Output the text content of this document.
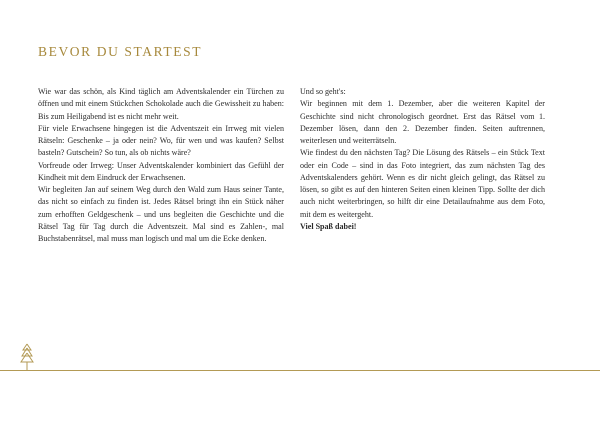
BEVOR DU STARTEST

Wie war das schön, als Kind täglich am Adventskalender ein Türchen zu öffnen und mit einem Stückchen Schokolade auch die Gewissheit zu haben: Bis zum Heiligabend ist es nicht mehr weit.

Für viele Erwachsene hingegen ist die Adventszeit ein Irrweg mit vielen Rätseln: Geschenke – ja oder nein? Wo, für wen und was kaufen? Selbst basteln? Gutschein? So tun, als ob nichts wäre?

Vorfreude oder Irrweg: Unser Adventskalender kombiniert das Gefühl der Kindheit mit dem Eindruck der Erwachsenen.

Wir begleiten Jan auf seinem Weg durch den Wald zum Haus seiner Tante, das nicht so einfach zu finden ist. Jedes Rätsel bringt ihn ein Stück näher zum erhofften Geldgeschenk – und uns begleiten die Geschichte und die Rätsel Tag für Tag durch die Adventszeit. Mal sind es Zahlen-, mal Buchstabenrätsel, mal muss man logisch und mal um die Ecke denken.

Und so geht's:

Wir beginnen mit dem 1. Dezember, aber die weiteren Kapitel der Geschichte sind nicht chronologisch geordnet. Erst das Rätsel vom 1. Dezember lösen, dann den 2. Dezember finden. Seiten auftrennen, weiterlesen und weiterrätseln.

Wie findest du den nächsten Tag? Die Lösung des Rätsels – ein Stück Text oder ein Code – sind in das Foto integriert, das zum nächsten Tag des Adventskalenders gehört. Wenn es dir nicht gleich gelingt, das Rätsel zu lösen, so gibt es auf den hinteren Seiten einen kleinen Tipp. Sollte der dich auch nicht weiterbringen, so hilft dir eine Detailaufnahme aus dem Foto, mit dem es weitergeht.

Viel Spaß dabei!
